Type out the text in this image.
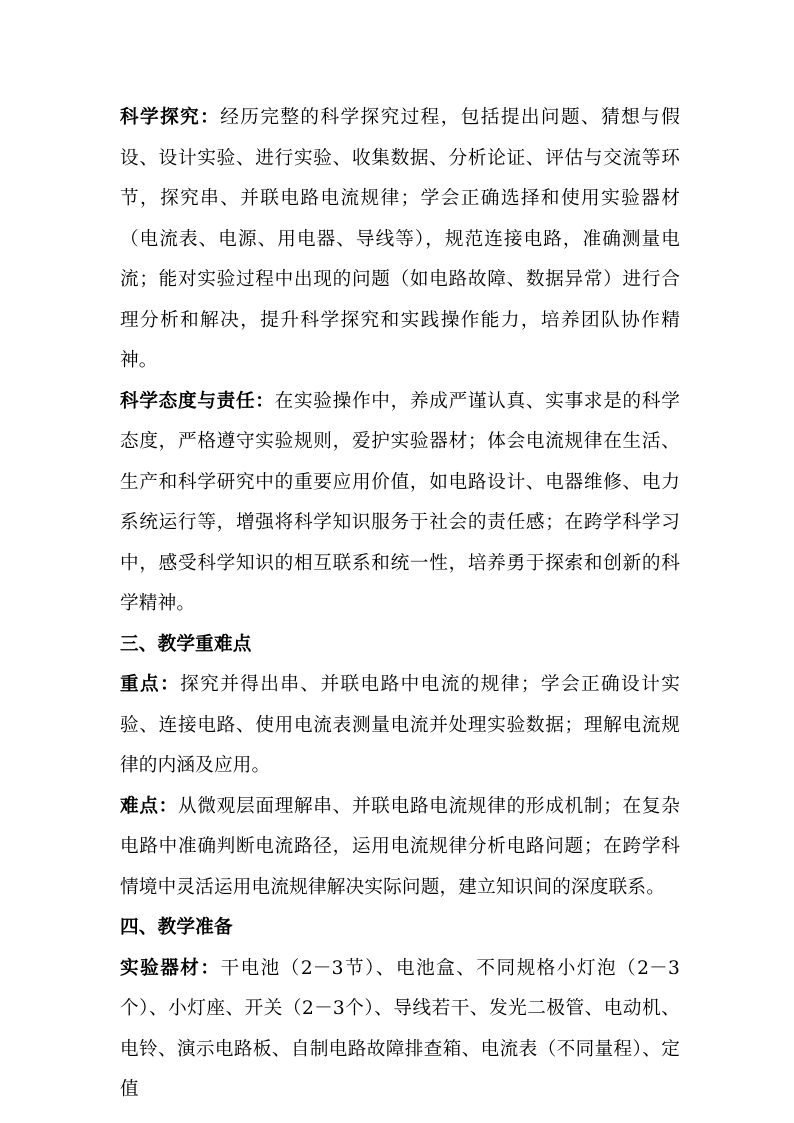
科学探究：经历完整的科学探究过程，包括提出问题、猜想与假设、设计实验、进行实验、收集数据、分析论证、评估与交流等环节，探究串、并联电路电流规律；学会正确选择和使用实验器材（电流表、电源、用电器、导线等），规范连接电路，准确测量电流；能对实验过程中出现的问题（如电路故障、数据异常）进行合理分析和解决，提升科学探究和实践操作能力，培养团队协作精神。

科学态度与责任：在实验操作中，养成严谨认真、实事求是的科学态度，严格遵守实验规则，爱护实验器材；体会电流规律在生活、生产和科学研究中的重要应用价值，如电路设计、电器维修、电力系统运行等，增强将科学知识服务于社会的责任感；在跨学科学习中，感受科学知识的相互联系和统一性，培养勇于探索和创新的科学精神。

三、教学重难点

重点：探究并得出串、并联电路中电流的规律；学会正确设计实验、连接电路、使用电流表测量电流并处理实验数据；理解电流规律的内涵及应用。

难点：从微观层面理解串、并联电路电流规律的形成机制；在复杂电路中准确判断电流路径，运用电流规律分析电路问题；在跨学科情境中灵活运用电流规律解决实际问题，建立知识间的深度联系。

四、教学准备

实验器材：干电池（2－3节）、电池盒、不同规格小灯泡（2－3个）、小灯座、开关（2－3个）、导线若干、发光二极管、电动机、电铃、演示电路板、自制电路故障排查箱、电流表（不同量程）、定值
